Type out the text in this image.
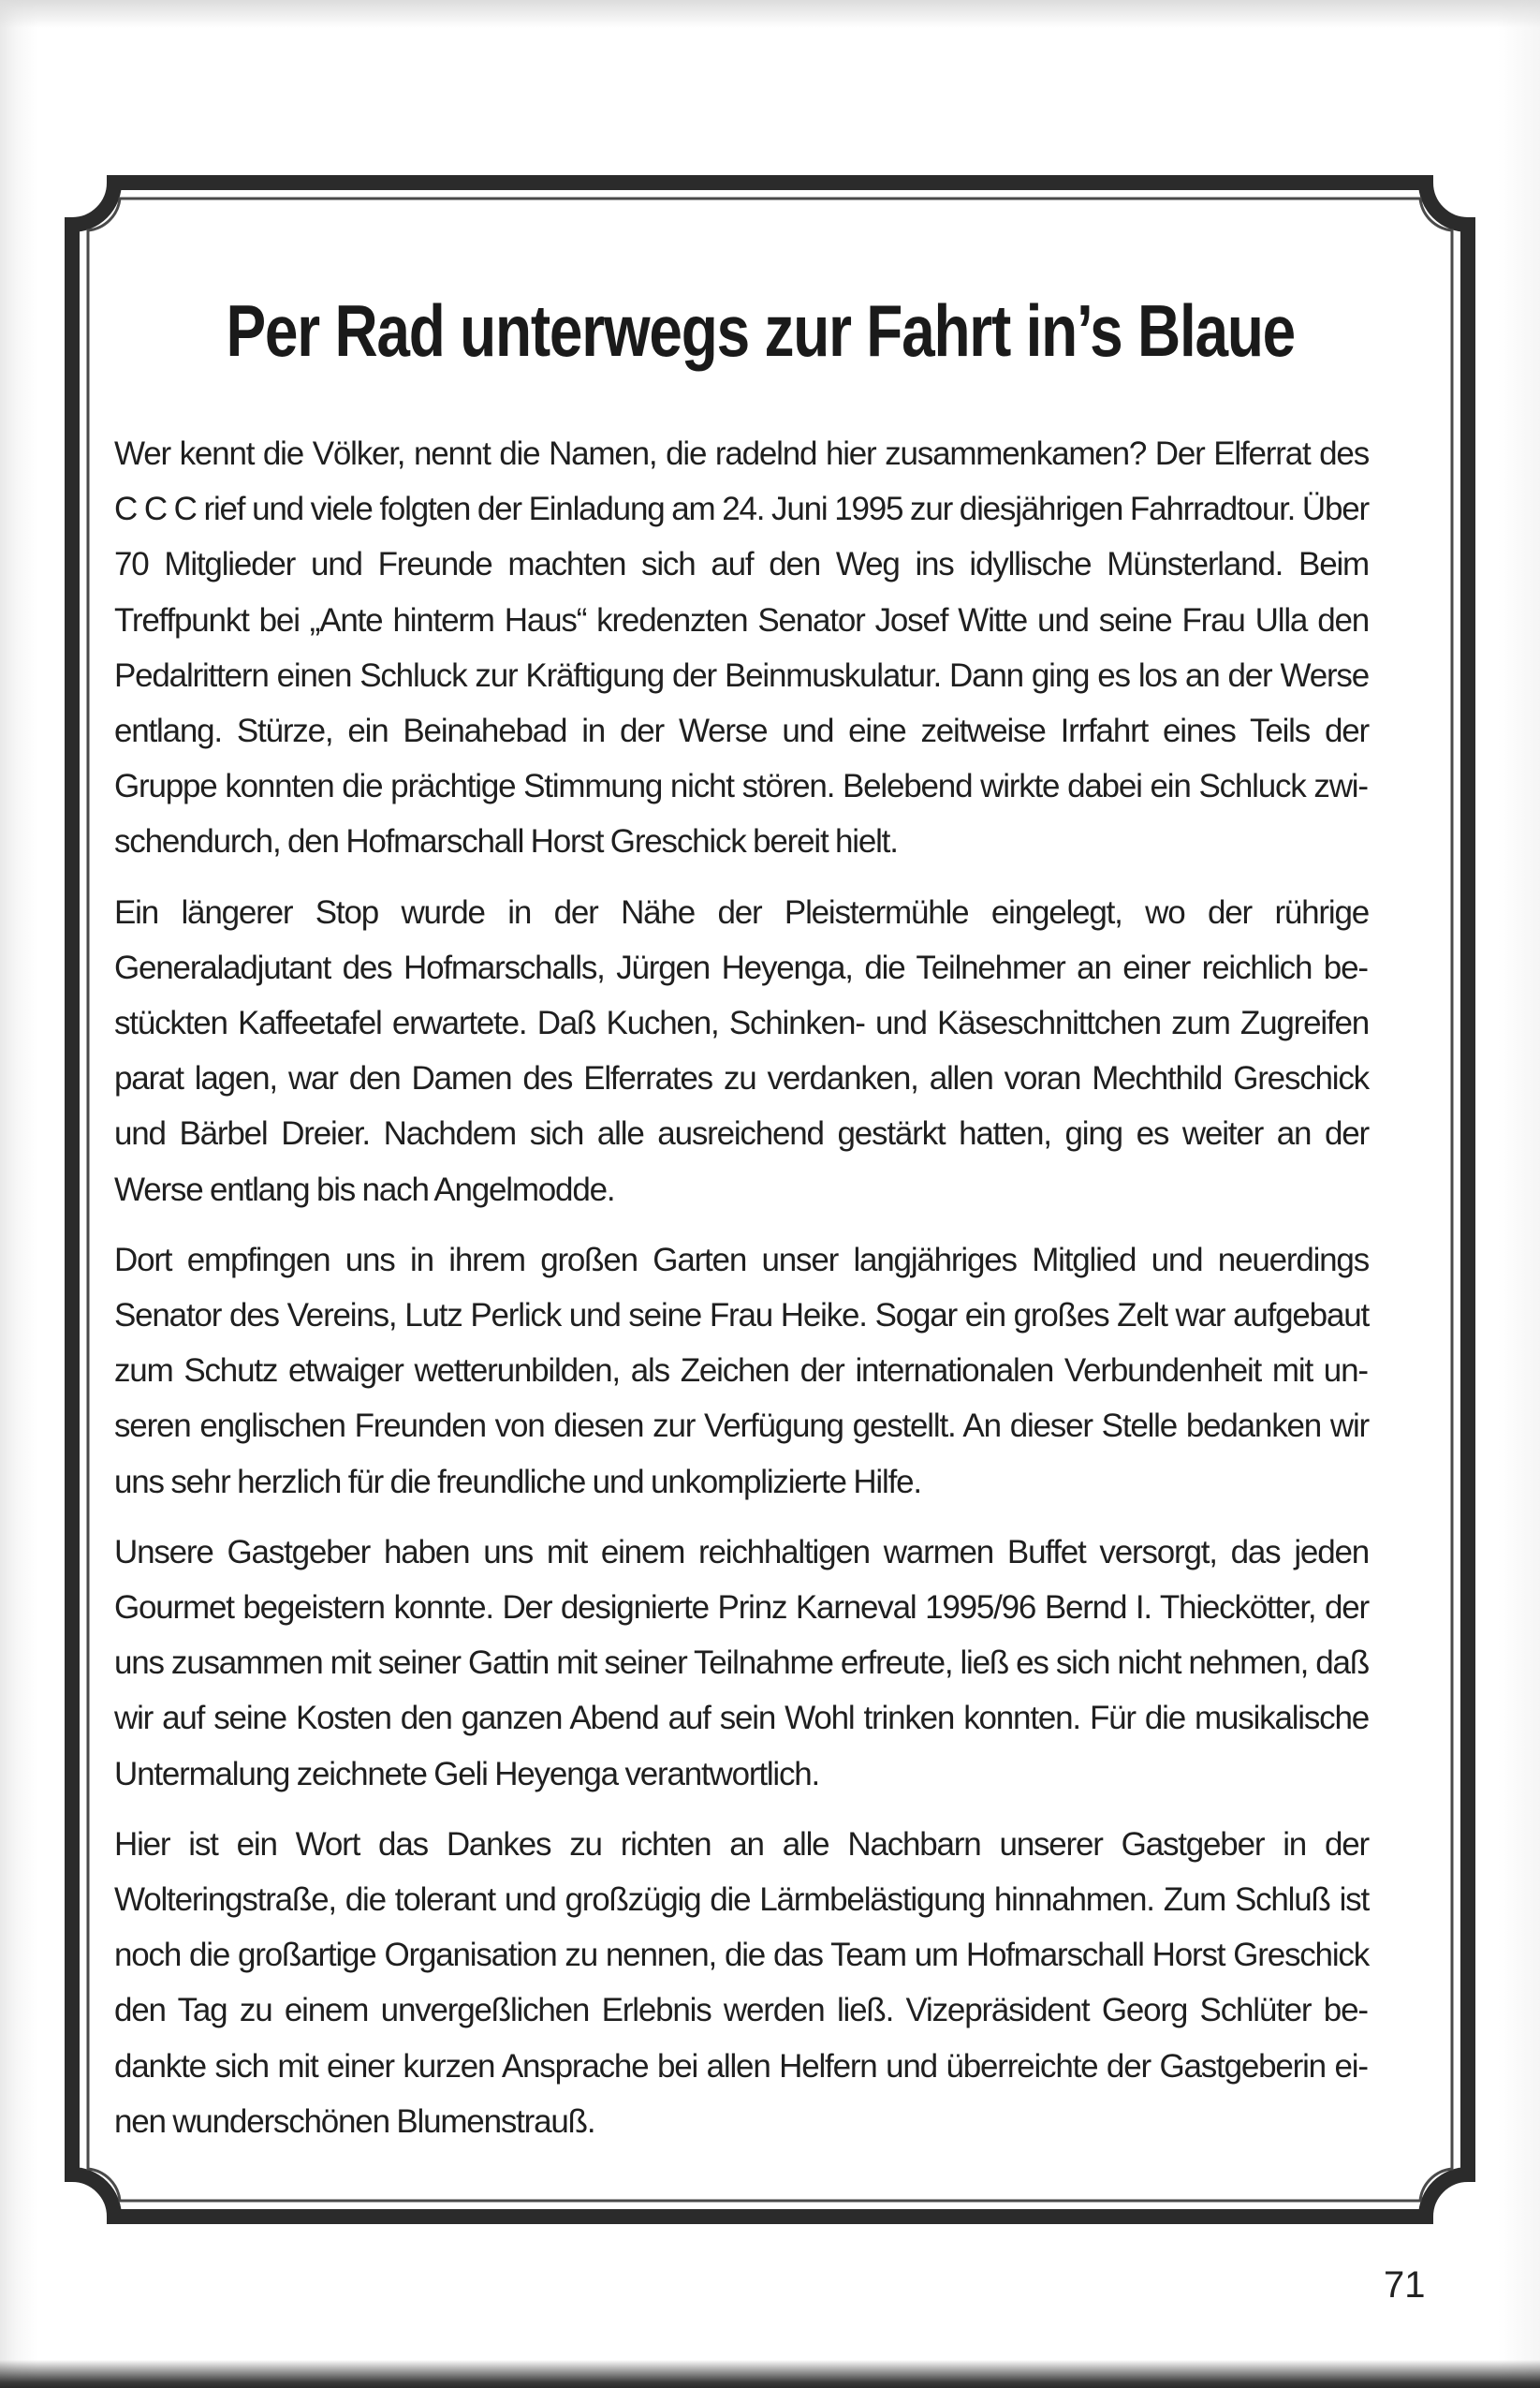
Per Rad unterwegs zur Fahrt in’s Blaue

Wer kennt die Völker, nennt die Namen, die radelnd hier zusammenkamen? Der Elferrat des C C C rief und viele folgten der Einladung am 24. Juni 1995 zur diesjährigen Fahrradtour. Über 70 Mitglieder und Freunde machten sich auf den Weg ins idyllische Münsterland. Beim Treffpunkt bei „Ante hinterm Haus“ kredenzten Senator Josef Witte und seine Frau Ulla den Pedalrittern einen Schluck zur Kräftigung der Beinmuskulatur. Dann ging es los an der Werse entlang. Stürze, ein Beinahebad in der Werse und eine zeitweise Irrfahrt eines Teils der Gruppe konnten die prächtige Stimmung nicht stören. Belebend wirkte dabei ein Schluck zwischendurch, den Hofmarschall Horst Greschick bereit hielt.

Ein längerer Stop wurde in der Nähe der Pleistermühle eingelegt, wo der rührige Generaladjutant des Hofmarschalls, Jürgen Heyenga, die Teilnehmer an einer reichlich bestückten Kaffeetafel erwartete. Daß Kuchen, Schinken- und Käseschnittchen zum Zugreifen parat lagen, war den Damen des Elferrates zu verdanken, allen voran Mechthild Greschick und Bärbel Dreier. Nachdem sich alle ausreichend gestärkt hatten, ging es weiter an der Werse entlang bis nach Angelmodde.

Dort empfingen uns in ihrem großen Garten unser langjähriges Mitglied und neuerdings Senator des Vereins, Lutz Perlick und seine Frau Heike. Sogar ein großes Zelt war aufgebaut zum Schutz etwaiger wetterunbilden, als Zeichen der internationalen Verbundenheit mit unseren englischen Freunden von diesen zur Verfügung gestellt. An dieser Stelle bedanken wir uns sehr herzlich für die freundliche und unkomplizierte Hilfe.

Unsere Gastgeber haben uns mit einem reichhaltigen warmen Buffet versorgt, das jeden Gourmet begeistern konnte. Der designierte Prinz Karneval 1995/96 Bernd I. Thieckötter, der uns zusammen mit seiner Gattin mit seiner Teilnahme erfreute, ließ es sich nicht nehmen, daß wir auf seine Kosten den ganzen Abend auf sein Wohl trinken konnten. Für die musikalische Untermalung zeichnete Geli Heyenga verantwortlich.

Hier ist ein Wort das Dankes zu richten an alle Nachbarn unserer Gastgeber in der Wolteringstraße, die tolerant und großzügig die Lärmbelästigung hinnahmen. Zum Schluß ist noch die großartige Organisation zu nennen, die das Team um Hofmarschall Horst Greschick den Tag zu einem unvergeßlichen Erlebnis werden ließ. Vizepräsident Georg Schlüter bedankte sich mit einer kurzen Ansprache bei allen Helfern und überreichte der Gastgeberin einen wunderschönen Blumenstrauß.

71
